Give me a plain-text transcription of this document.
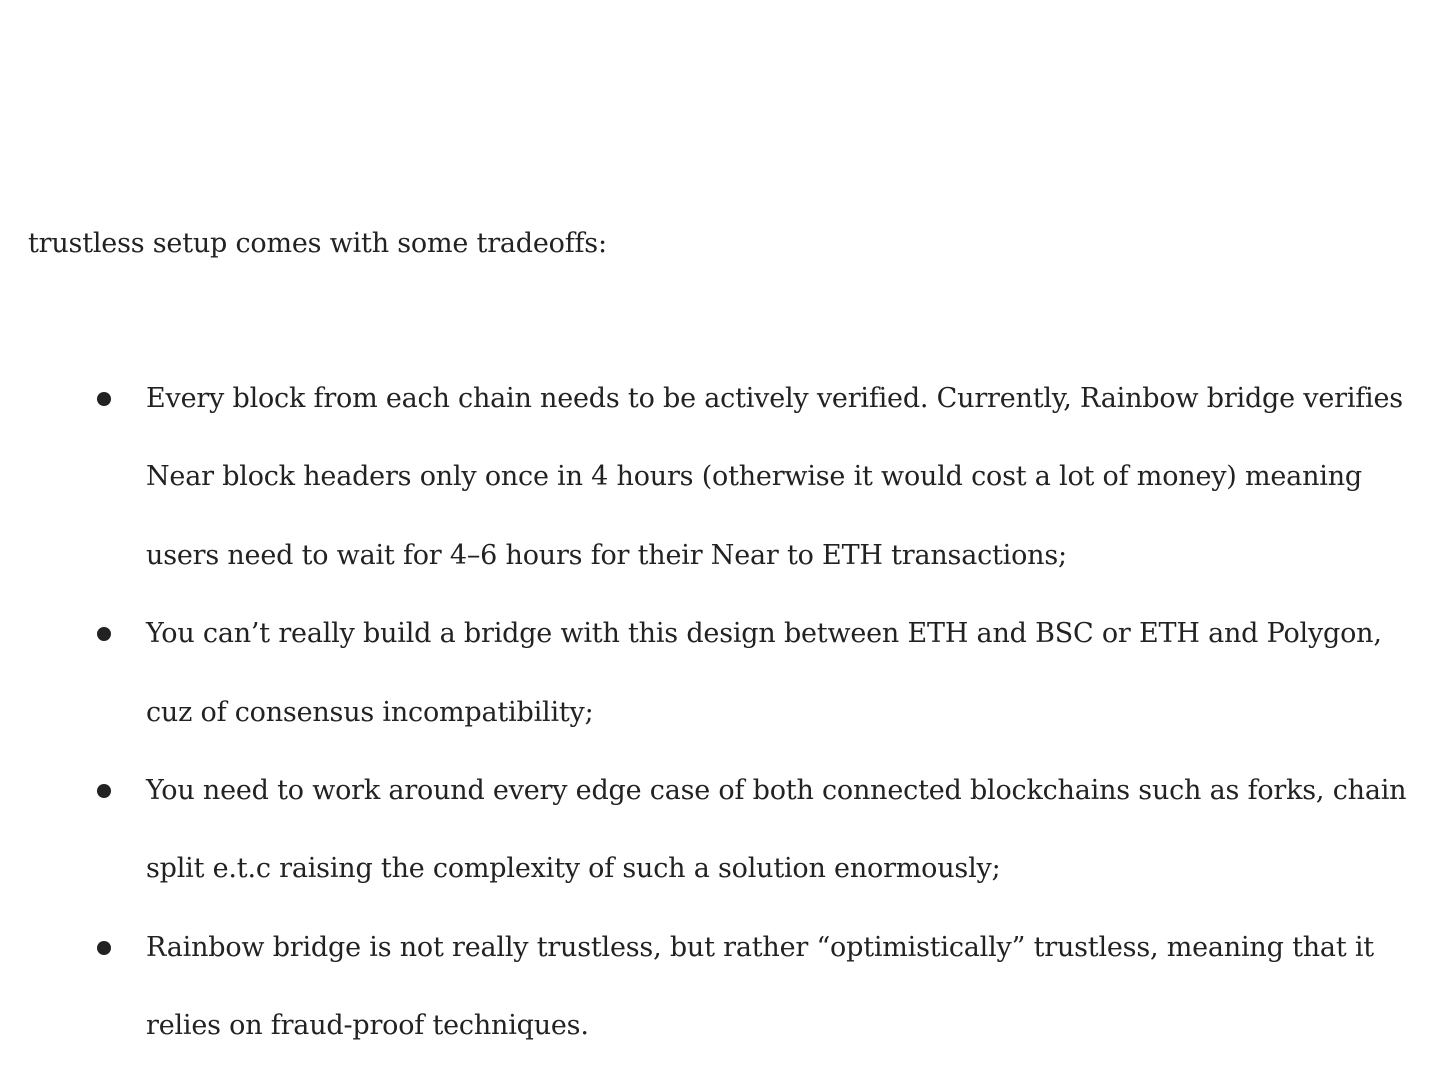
trustless setup comes with some tradeoffs:

Every block from each chain needs to be actively verified. Currently, Rainbow bridge verifies
Near block headers only once in 4 hours (otherwise it would cost a lot of money) meaning
users need to wait for 4–6 hours for their Near to ETH transactions;
You can’t really build a bridge with this design between ETH and BSC or ETH and Polygon,
cuz of consensus incompatibility;
You need to work around every edge case of both connected blockchains such as forks, chain
split e.t.c raising the complexity of such a solution enormously;
Rainbow bridge is not really trustless, but rather “optimistically” trustless, meaning that it
relies on fraud-proof techniques.
